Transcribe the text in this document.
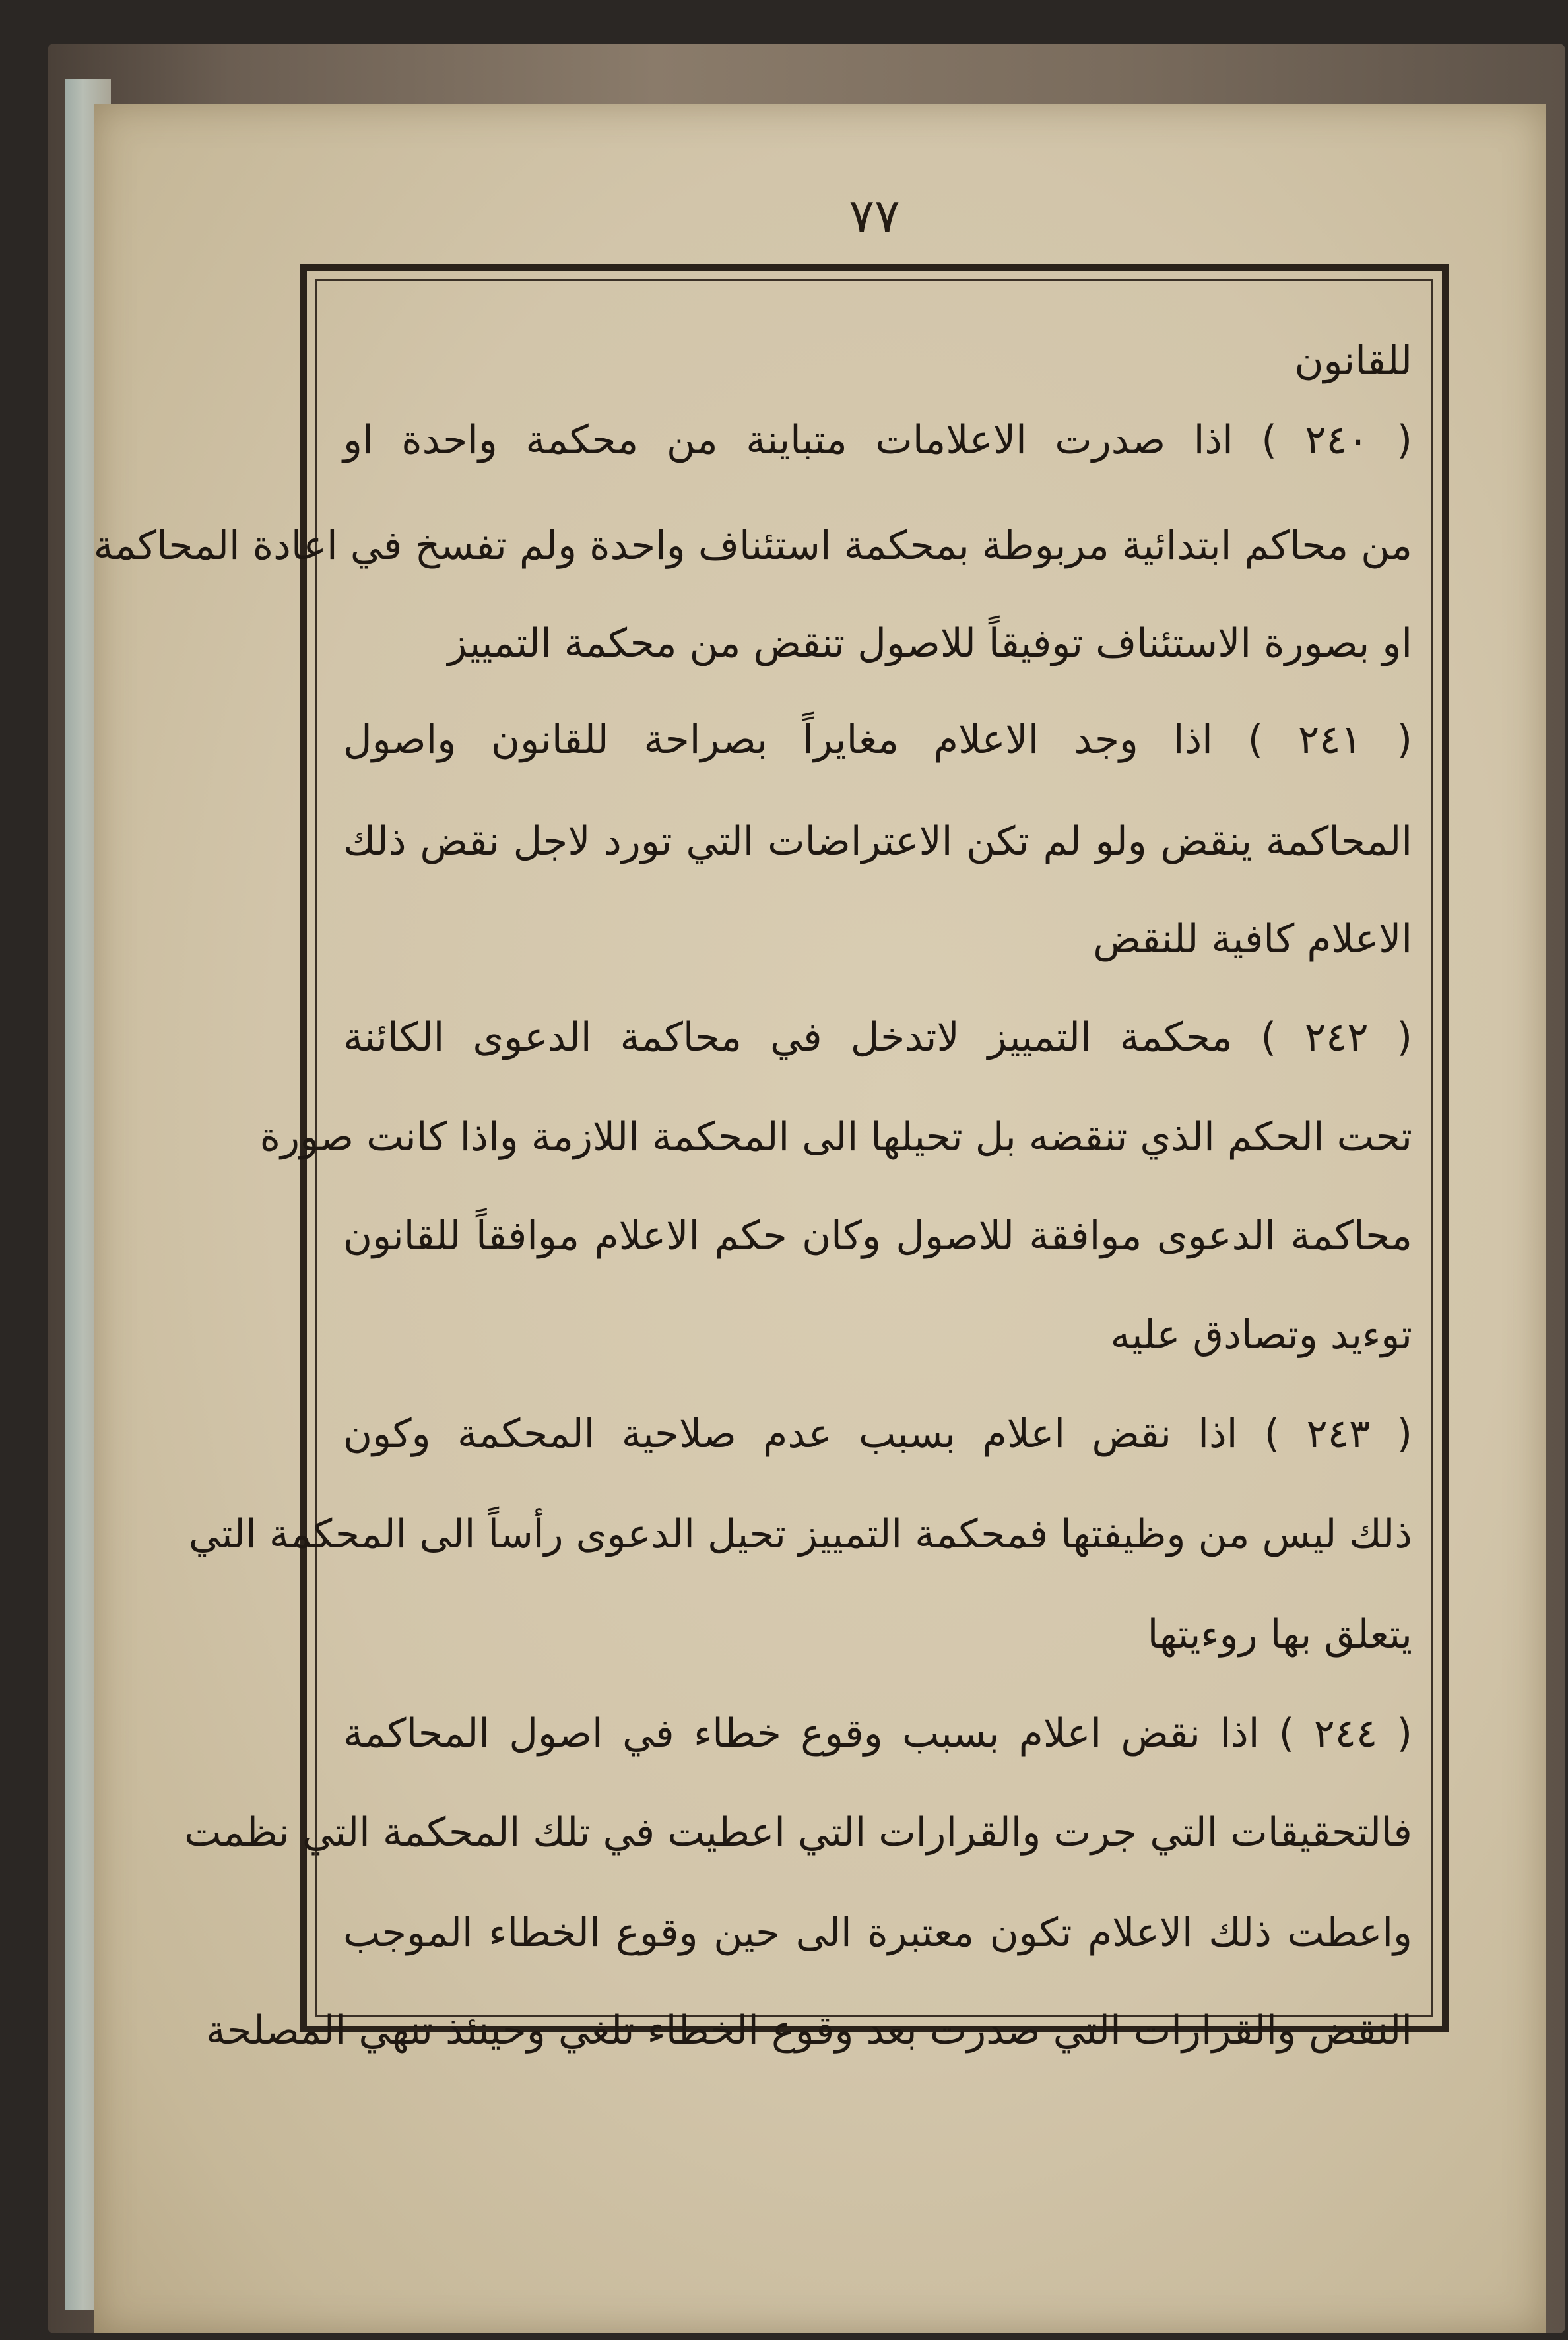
٧٧
للقانون
( ٢٤٠ ) اذا صدرت الاعلامات متباينة من محكمة واحدة او
من محاكم ابتدائية مربوطة بمحكمة استئناف واحدة ولم تفسخ في اعادة المحاكمة
او بصورة الاستئناف توفيقاً للاصول تنقض من محكمة التمييز
( ٢٤١ ) اذا وجد الاعلام مغايراً بصراحة للقانون واصول
المحاكمة ينقض ولو لم تكن الاعتراضات التي تورد لاجل نقض ذلك
الاعلام كافية للنقض
( ٢٤٢ ) محكمة التمييز لاتدخل في محاكمة الدعوى الكائنة
تحت الحكم الذي تنقضه بل تحيلها الى المحكمة اللازمة واذا كانت صورة
محاكمة الدعوى موافقة للاصول وكان حكم الاعلام موافقاً للقانون
توءيد وتصادق عليه
( ٢٤٣ ) اذا نقض اعلام بسبب عدم صلاحية المحكمة وكون
ذلك ليس من وظيفتها فمحكمة التمييز تحيل الدعوى رأساً الى المحكمة التي
يتعلق بها روءيتها
( ٢٤٤ ) اذا نقض اعلام بسبب وقوع خطاء في اصول المحاكمة
فالتحقيقات التي جرت والقرارات التي اعطيت في تلك المحكمة التي نظمت
واعطت ذلك الاعلام تكون معتبرة الى حين وقوع الخطاء الموجب
النقض والقرارات التي صدرت بعد وقوع الخطاء تلغي وحينئذ تنهي المصلحة
